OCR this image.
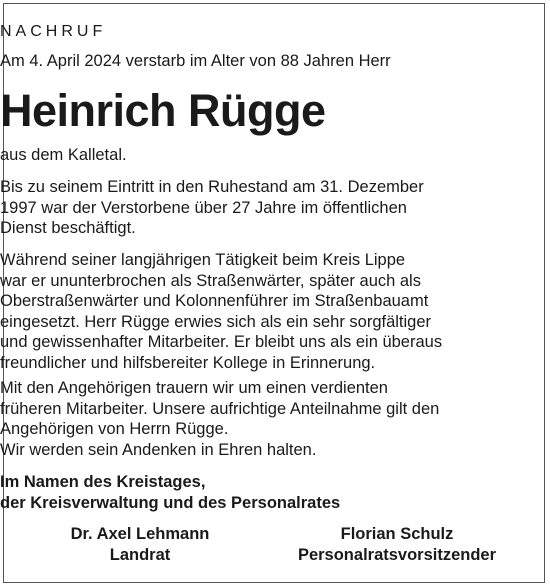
NACHRUF
Am 4. April 2024 verstarb im Alter von 88 Jahren Herr
Heinrich Rügge
aus dem Kalletal.
Bis zu seinem Eintritt in den Ruhestand am 31. Dezember
1997 war der Verstorbene über 27 Jahre im öffentlichen
Dienst beschäftigt.
Während seiner langjährigen Tätigkeit beim Kreis Lippe
war er ununterbrochen als Straßenwärter, später auch als
Oberstraßenwärter und Kolonnenführer im Straßenbauamt
eingesetzt. Herr Rügge erwies sich als ein sehr sorgfältiger
und gewissenhafter Mitarbeiter. Er bleibt uns als ein überaus
freundlicher und hilfsbereiter Kollege in Erinnerung.
Mit den Angehörigen trauern wir um einen verdienten
früheren Mitarbeiter. Unsere aufrichtige Anteilnahme gilt den
Angehörigen von Herrn Rügge.
Wir werden sein Andenken in Ehren halten.
Im Namen des Kreistages,
der Kreisverwaltung und des Personalrates
Dr. Axel Lehmann
Landrat
Florian Schulz
Personalratsvorsitzender
